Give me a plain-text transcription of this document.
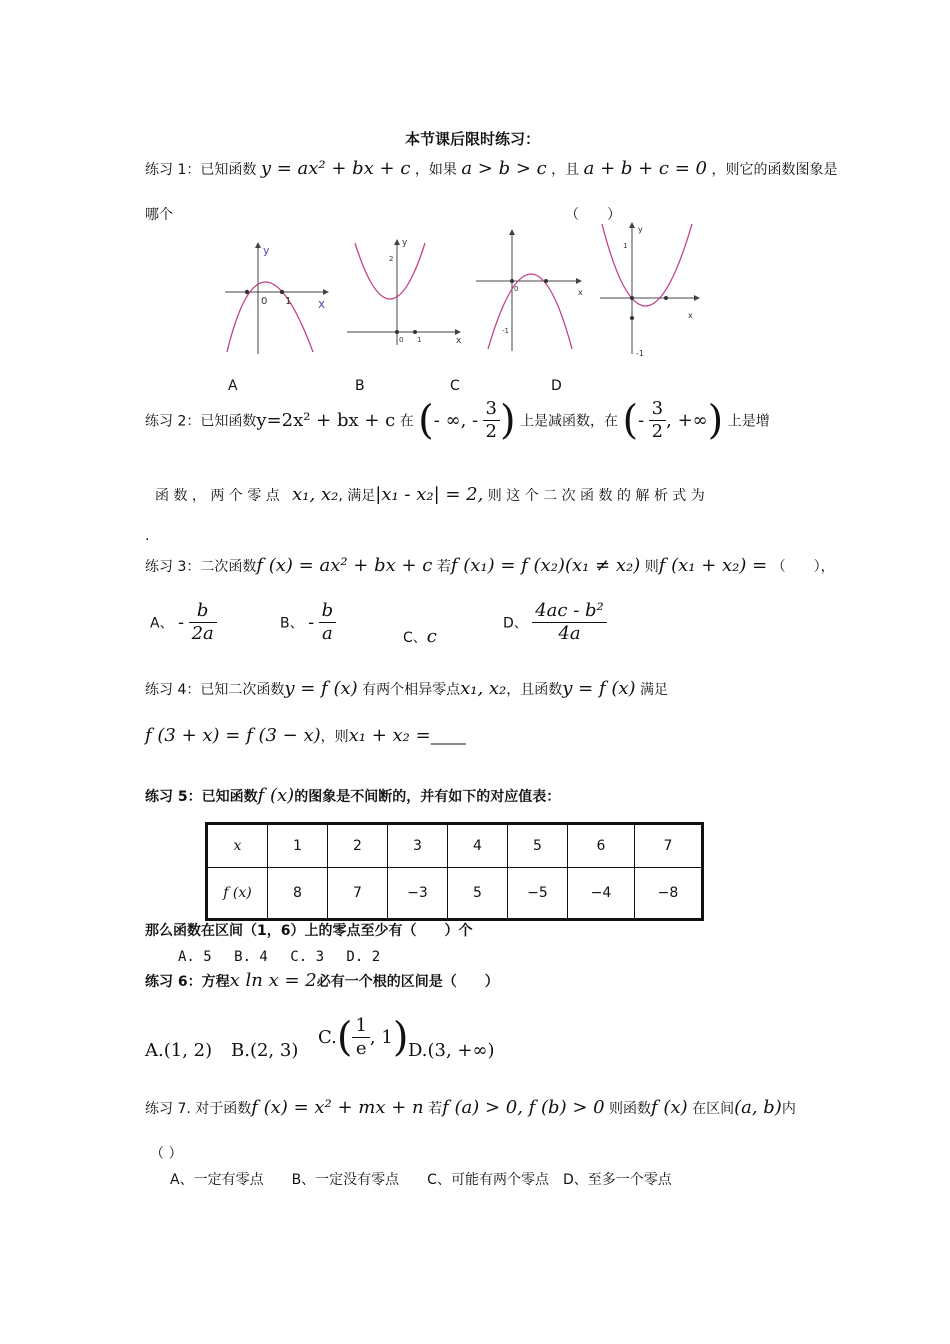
本节课后限时练习：
练习 1：已知函数 y = ax² + bx + c ，如果 a > b > c ，且 a + b + c = 0 ，则它的函数图象是
哪个	（　　）
y
0 1 x
y
2
0 1	x
0	x
-1
y
1
x
-1
A	B	C	D
练习 2：已知函数y=2x² + bx + c 在 (- ∞, - $\frac{3}{2}$ ) 上是减函数，在 (- $\frac{3}{2}$ , +∞) 上是增
函 数 ， 两 个 零 点 x₁, x₂, 满足|x₁ - x₂| = 2, 则 这 个 二 次 函 数 的 解 析 式 为
.
练习 3：二次函数f (x) = ax² + bx + c 若f (x₁) = f (x₂)(x₁ ≠ x₂) 则f (x₁ + x₂) = （　　），
A、 - $\frac{b}{2a}$	B、 - $\frac{b}{a}$	C、c
D、 $\frac{\text{4ac - b²}}{4a}$
练习 4：已知二次函数y = f (x) 有两个相异零点x₁, x₂，且函数y = f (x) 满足
f (3 + x) = f (3 − x)，则x₁ + x₂ =_____
练习 5：已知函数f (x)的图象是不间断的，并有如下的对应值表：
x	1	2	3	4	5	6	7
f (x)	8	7	−3	5	−5	−4	−8
那么函数在区间（1，6）上的零点至少有（　　）个
A. 5　 B. 4　 C. 3　 D. 2
练习 6：方程x ln x = 2必有一个根的区间是（　　）
A.(1, 2) B.(2, 3)
$C.( \frac{1}{e}$ , 1) D.(3, +∞)
练习 7. 对于函数f (x) = x² + mx + n 若f (a) > 0, f (b) > 0 则函数f (x) 在区间(a, b)内
（ ）
A、一定有零点　　B、一定没有零点　　C、可能有两个零点　D、至多一个零点
